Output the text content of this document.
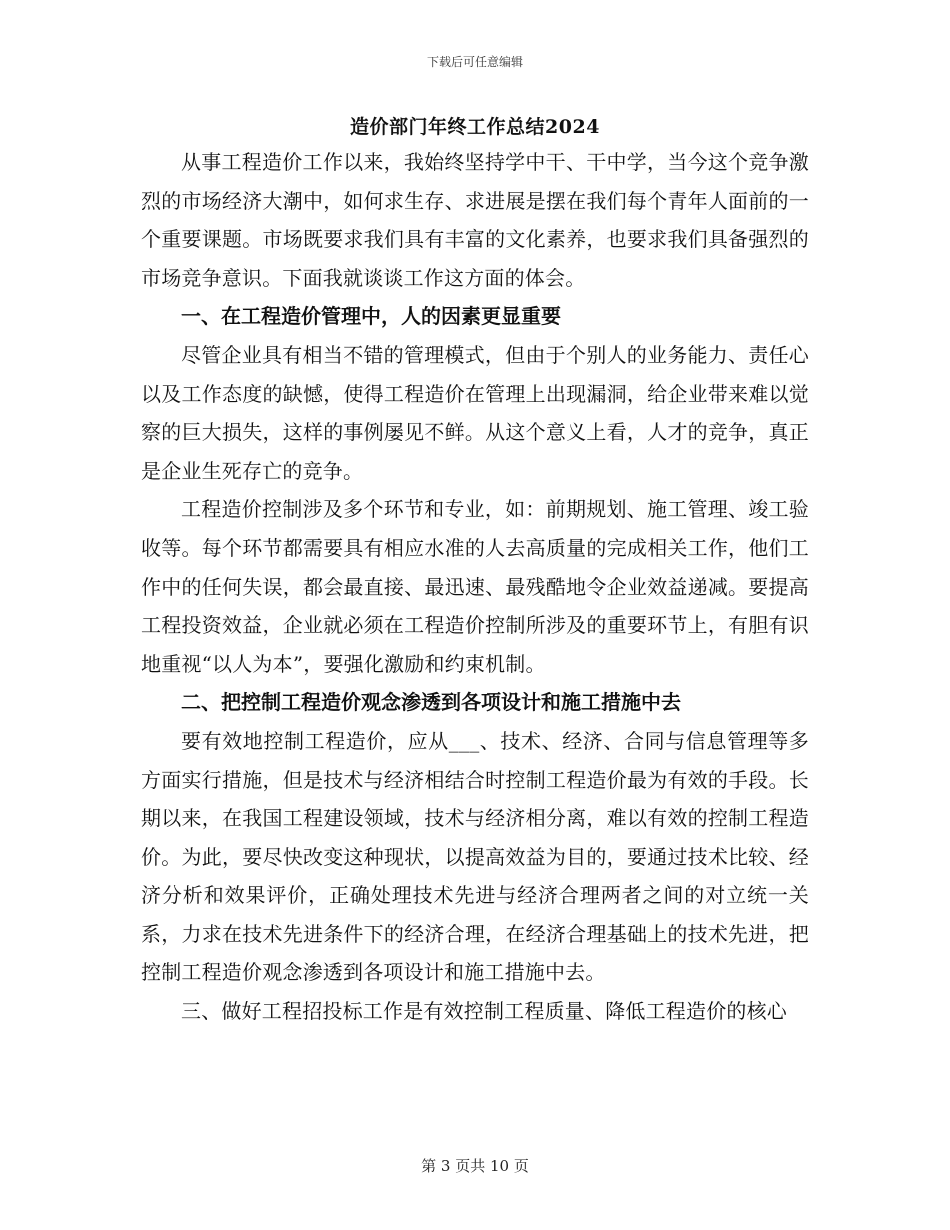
下载后可任意编辑
造价部门年终工作总结2024

从事工程造价工作以来，我始终坚持学中干、干中学，当今这个竞争激烈的市场经济大潮中，如何求生存、求进展是摆在我们每个青年人面前的一个重要课题。市场既要求我们具有丰富的文化素养，也要求我们具备强烈的市场竞争意识。下面我就谈谈工作这方面的体会。

一、在工程造价管理中，人的因素更显重要

尽管企业具有相当不错的管理模式，但由于个别人的业务能力、责任心以及工作态度的缺憾，使得工程造价在管理上出现漏洞，给企业带来难以觉察的巨大损失，这样的事例屡见不鲜。从这个意义上看，人才的竞争，真正是企业生死存亡的竞争。

工程造价控制涉及多个环节和专业，如：前期规划、施工管理、竣工验收等。每个环节都需要具有相应水准的人去高质量的完成相关工作，他们工作中的任何失误，都会最直接、最迅速、最残酷地令企业效益递减。要提高工程投资效益，企业就必须在工程造价控制所涉及的重要环节上，有胆有识地重视“以人为本”，要强化激励和约束机制。

二、把控制工程造价观念渗透到各项设计和施工措施中去

要有效地控制工程造价，应从___、技术、经济、合同与信息管理等多方面实行措施，但是技术与经济相结合时控制工程造价最为有效的手段。长期以来，在我国工程建设领域，技术与经济相分离，难以有效的控制工程造价。为此，要尽快改变这种现状，以提高效益为目的，要通过技术比较、经济分析和效果评价，正确处理技术先进与经济合理两者之间的对立统一关系，力求在技术先进条件下的经济合理，在经济合理基础上的技术先进，把控制工程造价观念渗透到各项设计和施工措施中去。

三、做好工程招投标工作是有效控制工程质量、降低工程造价的核心

第 3 页共 10 页
